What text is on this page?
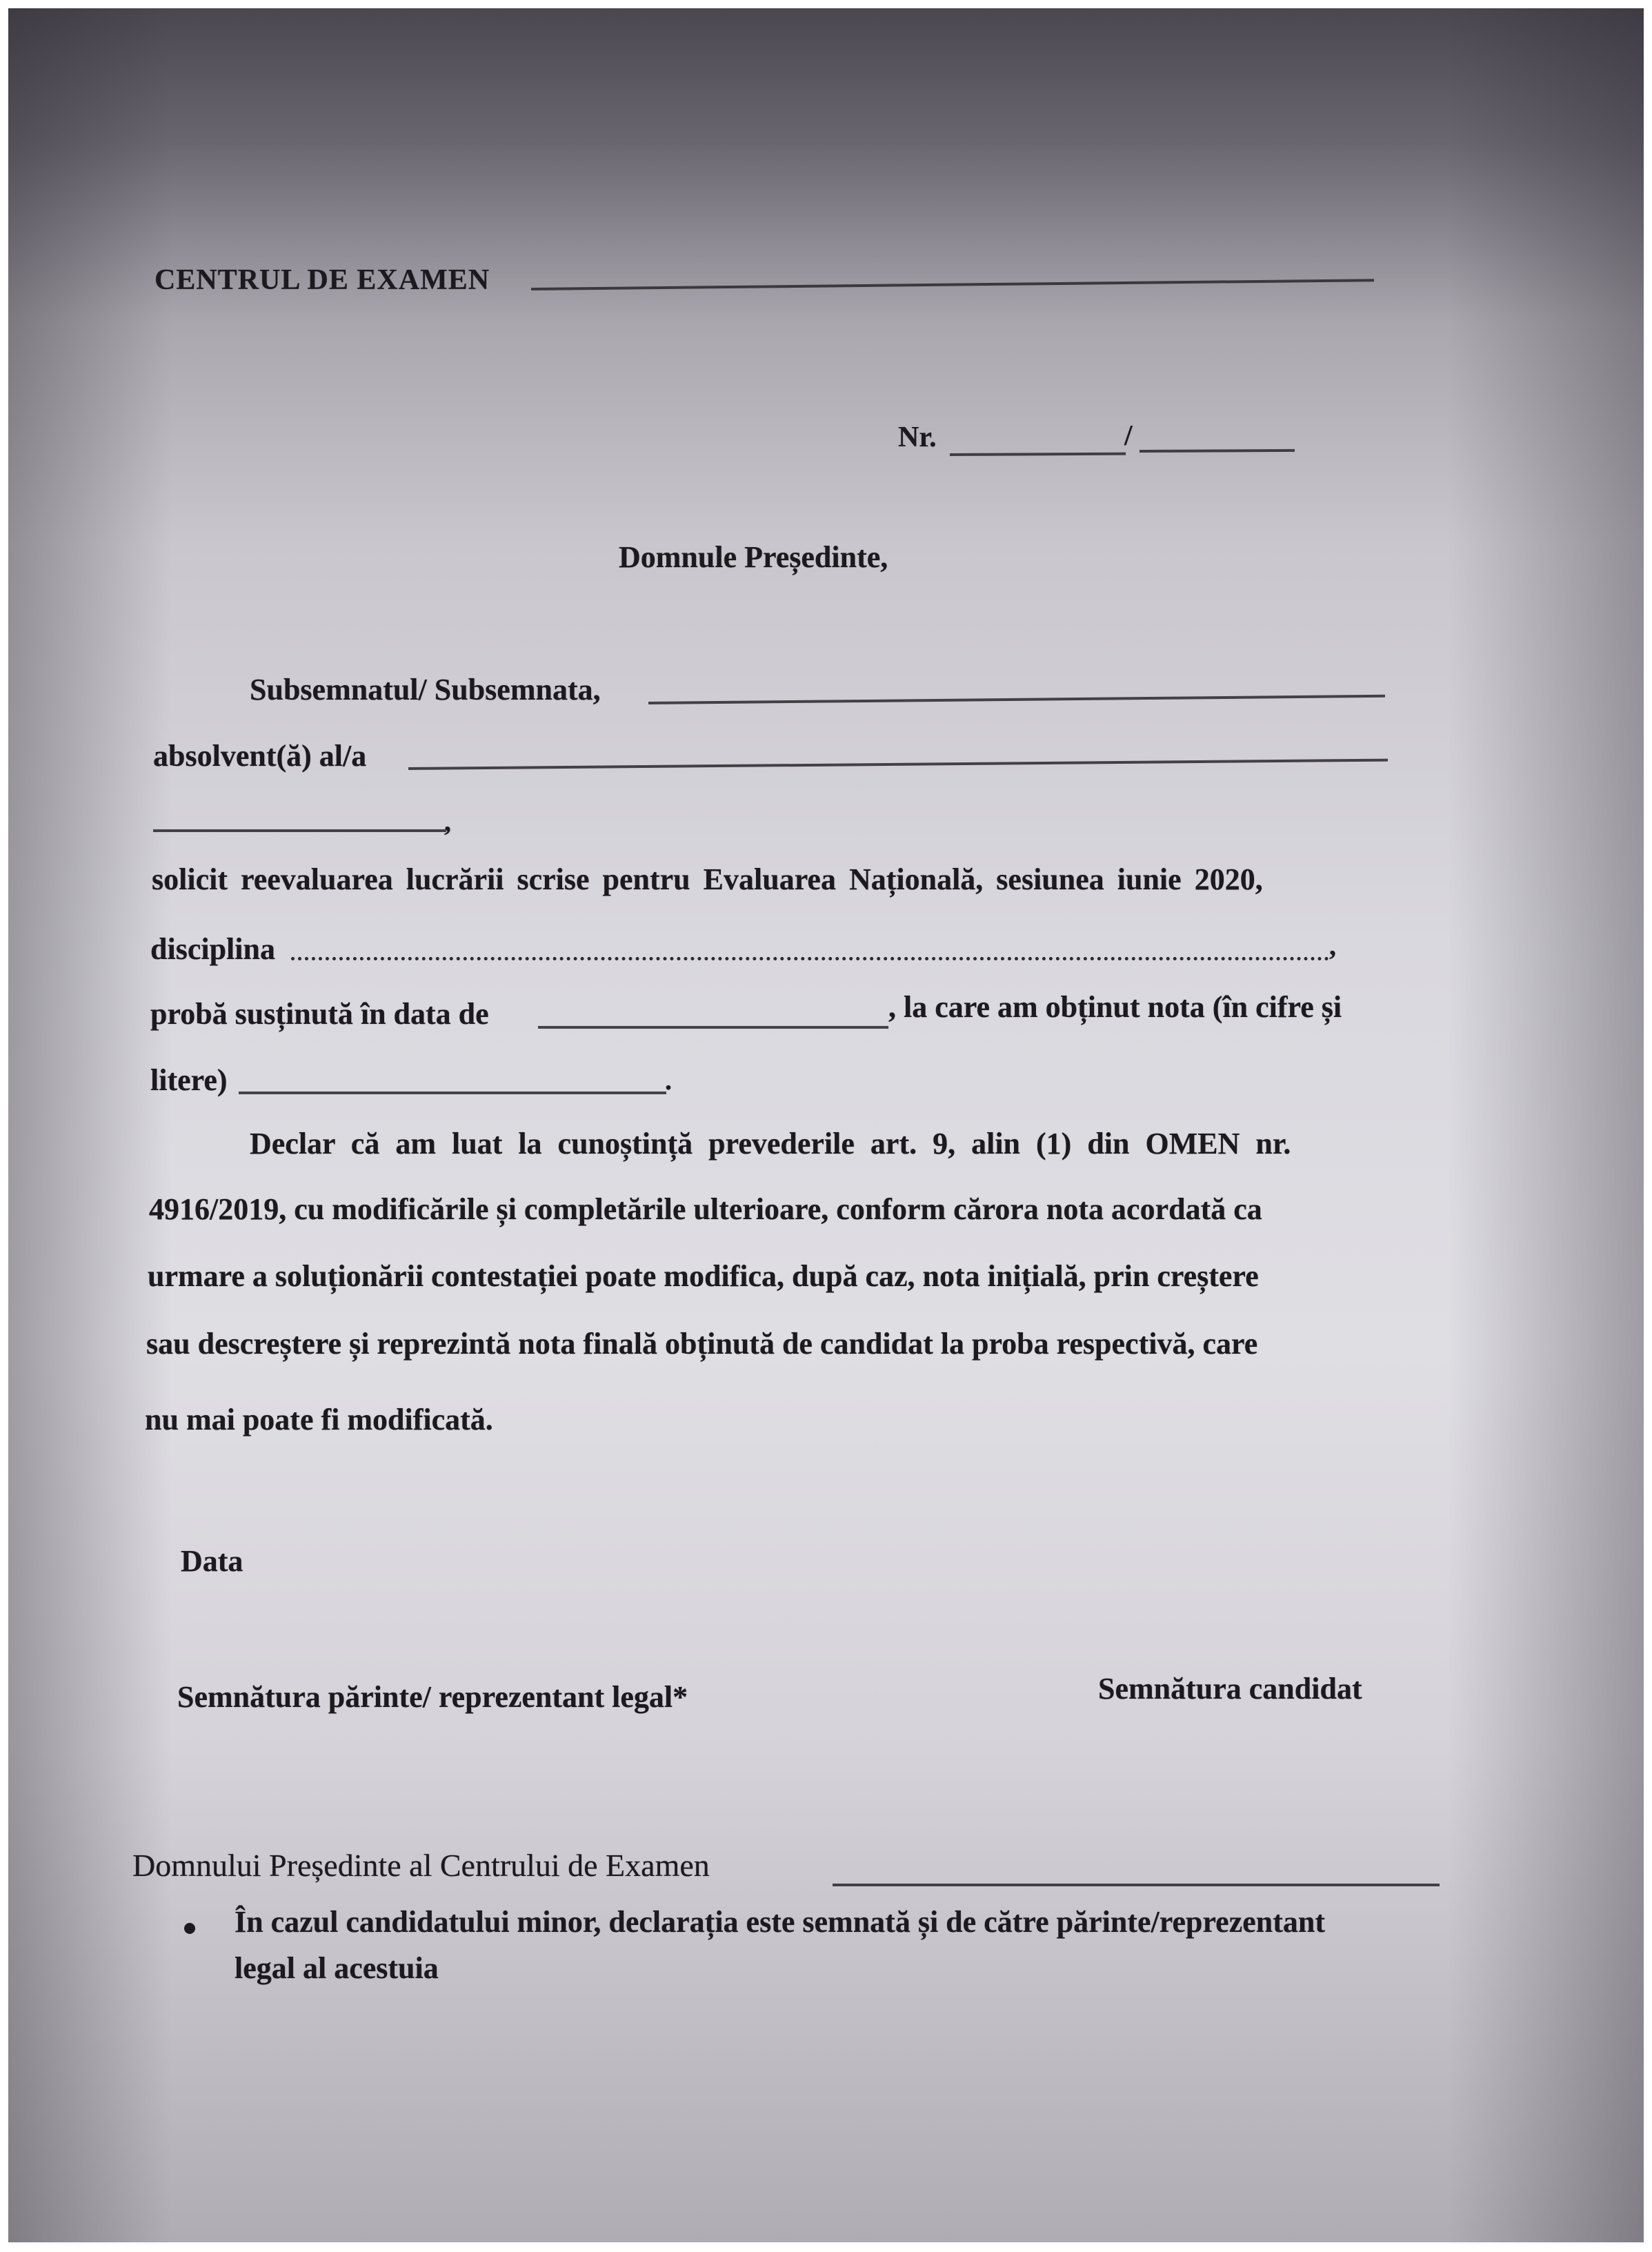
CENTRUL DE EXAMEN
Nr.	/
Domnule Președinte,
Subsemnatul/ Subsemnata,
absolvent(ă) al/a
,
solicit reevaluarea lucrării scrise pentru Evaluarea Națională, sesiunea iunie 2020,
disciplina	,
probă susținută în data de	, la care am obținut nota (în cifre și
litere)	.
Declar că am luat la cunoștință prevederile art. 9, alin (1) din OMEN nr.
4916/2019, cu modificările și completările ulterioare, conform cărora nota acordată ca
urmare a soluționării contestației poate modifica, după caz, nota inițială, prin creștere
sau descreștere și reprezintă nota finală obținută de candidat la proba respectivă, care
nu mai poate fi modificată.
Data
Semnătura părinte/ reprezentant legal*	Semnătura candidat
Domnului Președinte al Centrului de Examen
În cazul candidatului minor, declarația este semnată și de către părinte/reprezentant
legal al acestuia
